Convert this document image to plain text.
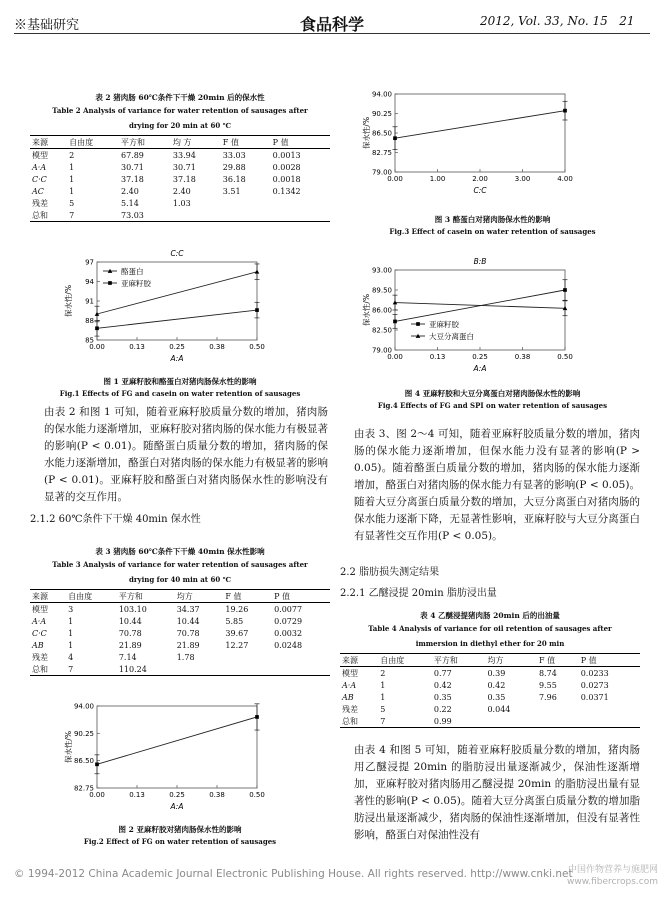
※基础研究	食品科学	2012, Vol. 33, No. 15 21
表 2 猪肉肠 60℃条件下干燥 20min 后的保水性
Table 2 Analysis of variance for water retention of sausages after
drying for 20 min at 60 ℃
来源	自由度	平方和	均 方	F 值	P 值
模型	2	67.89	33.94	33.03	0.0013
A·A	1	30.71	30.71	29.88	0.0028
C·C	1	37.18	37.18	36.18	0.0018
AC	1	2.40	2.40	3.51	0.1342
残差	5	5.14	1.03		
总和	7	73.03			
85
88
91
94
97
0.00	0.13	0.25	0.38	0.50
C:C
A:A
保水性/%
酪蛋白
亚麻籽胶
图 1 亚麻籽胶和酪蛋白对猪肉肠保水性的影响
Fig.1 Effects of FG and casein on water retention of sausages
由表 2 和图 1 可知，随着亚麻籽胶质量分数的增加，猪肉肠的保水能力逐渐增加，亚麻籽胶对猪肉肠的保水能力有极显著的影响(P < 0.01)。随酪蛋白质量分数的增加，猪肉肠的保水能力逐渐增加，酪蛋白对猪肉肠的保水能力有极显著的影响(P < 0.01)。亚麻籽胶和酪蛋白对猪肉肠保水性的影响没有显著的交互作用。
2.1.2 60℃条件下干燥 40min 保水性
表 3 猪肉肠 60℃条件下干燥 40min 保水性影响
Table 3 Analysis of variance for water retention of sausages after
drying for 40 min at 60 ℃
来源	自由度	平方和	均方	F 值	P 值
模型	3	103.10	34.37	19.26	0.0077
A·A	1	10.44	10.44	5.85	0.0729
C·C	1	70.78	70.78	39.67	0.0032
AB	1	21.89	21.89	12.27	0.0248
残差	4	7.14	1.78		
总和	7	110.24			
82.75
86.50
90.25
94.00
0.00	0.13	0.25	0.38	0.50
A:A
保水性/%
图 2 亚麻籽胶对猪肉肠保水性的影响
Fig.2 Effect of FG on water retention of sausages
79.00
82.75
86.50
90.25
94.00
0.00	1.00	2.00	3.00	4.00
C:C
保水性/%
图 3 酪蛋白对猪肉肠保水性的影响
Fig.3 Effect of casein on water retention of sausages
79.00
82.50
86.00
89.50
93.00
0.00	0.13	0.25	0.38	0.50
B:B
A:A
保水性/%	亚麻籽胶
大豆分离蛋白
图 4 亚麻籽胶和大豆分离蛋白对猪肉肠保水性的影响
Fig.4 Effects of FG and SPI on water retention of sausages
由表 3、图 2～4 可知，随着亚麻籽胶质量分数的增加，猪肉肠的保水能力逐渐增加，但保水能力没有显著的影响(P > 0.05)。随着酪蛋白质量分数的增加，猪肉肠的保水能力逐渐增加，酪蛋白对猪肉肠的保水能力有显著的影响(P < 0.05)。随着大豆分离蛋白质量分数的增加，大豆分离蛋白对猪肉肠的保水能力逐渐下降，无显著性影响，亚麻籽胶与大豆分离蛋白有显著性交互作用(P < 0.05)。
2.2 脂肪损失测定结果
2.2.1 乙醚浸提 20min 脂肪浸出量
表 4 乙醚浸提猪肉肠 20min 后的出油量
Table 4 Analysis of variance for oil retention of sausages after
immersion in diethyl ether for 20 min
来源	自由度	平方和	均方	F 值	P 值
模型	2	0.77	0.39	8.74	0.0233
A·A	1	0.42	0.42	9.55	0.0273
AB	1	0.35	0.35	7.96	0.0371
残差	5	0.22	0.044		
总和	7	0.99			
由表 4 和图 5 可知，随着亚麻籽胶质量分数的增加，猪肉肠用乙醚浸提 20min 的脂肪浸出量逐渐减少，保油性逐渐增加，亚麻籽胶对猪肉肠用乙醚浸提 20min 的脂肪浸出量有显著性的影响(P < 0.05)。随着大豆分离蛋白质量分数的增加脂肪浸出量逐渐减少，猪肉肠的保油性逐渐增加，但没有显著性影响，酪蛋白对保油性没有
© 1994-2012 China Academic Journal Electronic Publishing House. All rights reserved. http://www.cnki.net
中国作物营养与施肥网
www.fibercrops.com
